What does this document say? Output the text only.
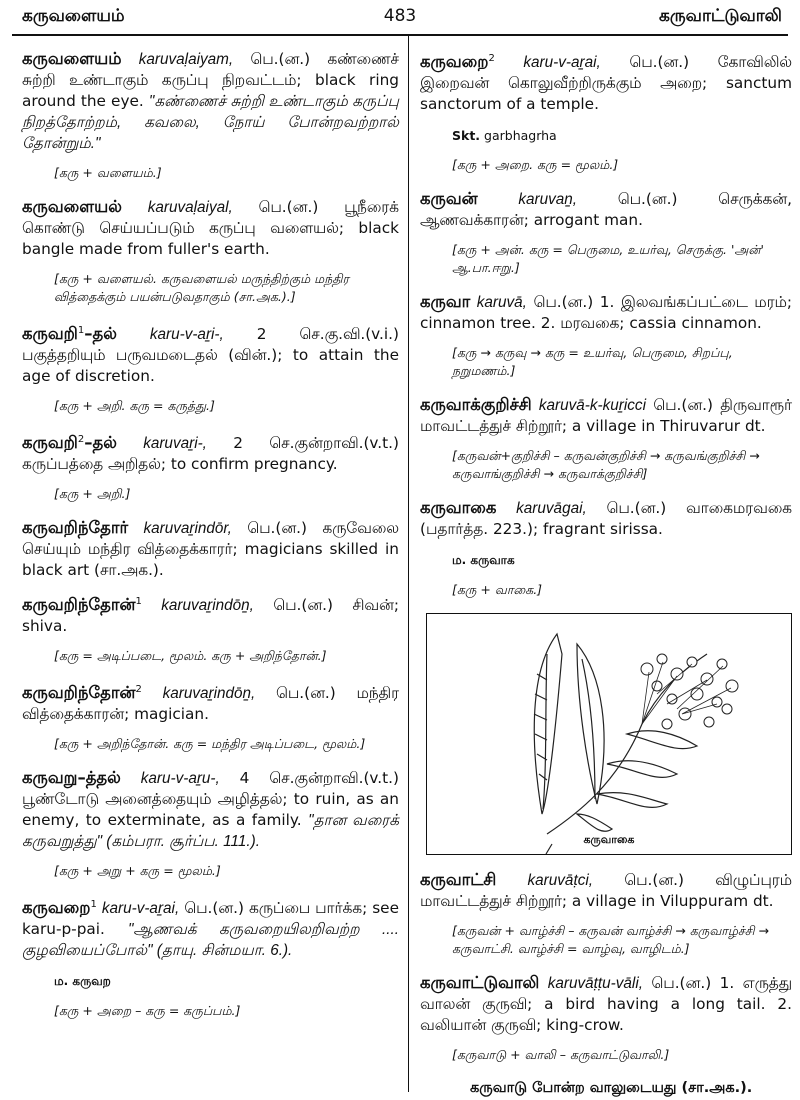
கருவளையம்	483	கருவாட்டுவாலி
கருவளையம் karuvaḷaiyam, பெ.(ன.) கண்ணைச் சுற்றி உண்டாகும் கருப்பு நிறவட்டம்; black ring around the eye. "கண்ணைச் சுற்றி உண்டாகும் கருப்பு நிறத்தோற்றம், கவலை, நோய் போன்றவற்றால் தோன்றும்."
[கரு + வளையம்.]
கருவளையல் karuvaḷaiyal, பெ.(ன.) பூநீரைக் கொண்டு செய்யப்படும் கருப்பு வளையல்; black bangle made from fuller's earth.
[கரு + வளையல். கருவளையல் மருந்திற்கும் மந்திர வித்தைக்கும் பயன்படுவதாகும் (சா.அக.).]
கருவறி$^1$–தல் karu-v-aṟi-, 2 செ.கு.வி.(v.i.) பகுத்தறியும் பருவமடைதல் (வின்.); to attain the age of discretion.
[கரு + அறி. கரு = கருத்து.]
கருவறி$^2$–தல் karuvaṟi-, 2 செ.குன்றாவி.(v.t.) கருப்பத்தை அறிதல்; to confirm pregnancy.
[கரு + அறி.]
கருவறிந்தோர் karuvaṟindōr, பெ.(ன.) கருவேலை செய்யும் மந்திர வித்தைக்காரர்; magicians skilled in black art (சா.அக.).
கருவறிந்தோன்$^1$ karuvaṟindōṉ, பெ.(ன.) சிவன்; shiva.
[கரு = அடிப்படை, மூலம். கரு + அறிந்தோன்.]
கருவறிந்தோன்$^2$ karuvaṟindōṉ, பெ.(ன.) மந்திர வித்தைக்காரன்; magician.
[கரு + அறிந்தோன். கரு = மந்திர அடிப்படை, மூலம்.]
கருவறு–த்தல் karu-v-aṟu-, 4 செ.குன்றாவி.(v.t.) பூண்டோடு அனைத்தையும் அழித்தல்; to ruin, as an enemy, to exterminate, as a family. "தான வரைக் கருவறுத்து" (கம்பரா. சூர்ப்ப. 111.).
[கரு + அறு + கரு = மூலம்.]
கருவறை$^1$ karu-v-aṟai, பெ.(ன.) கருப்பை பார்க்க; see karu-p-pai. "ஆணவக் கருவறையிலறிவற்ற .... குழவியைப்போல்" (தாயு. சின்மயா. 6.).
ம. கருவற
[கரு + அறை – கரு = கருப்பம்.]
கருவறை$^2$ karu-v-aṟai, பெ.(ன.) கோவிலில் இறைவன் கொலுவீற்றிருக்கும் அறை; sanctum sanctorum of a temple.
Skt. garbhagrha
[கரு + அறை. கரு = மூலம்.]
கருவன்	karuvaṉ,	பெ.(ன.)	செருக்கன், ஆணவக்காரன்; arrogant man.
[கரு + அன். கரு = பெருமை, உயர்வு, செருக்கு. 'அன்' ஆ.பா.ஈறு.]
கருவா karuvā, பெ.(ன.) 1. இலவங்கப்பட்டை மரம்; cinnamon tree. 2. மரவகை; cassia cinnamon.
[கரு → கருவு → கரு = உயர்வு, பெருமை, சிறப்பு, நறுமணம்.]
கருவாக்குறிச்சி karuvā-k-kuṟicci பெ.(ன.) திருவாரூர் மாவட்டத்துச் சிற்றூர்; a village in Thiruvarur dt.
[கருவன்+குறிச்சி – கருவன்குறிச்சி → கருவங்குறிச்சி → கருவாங்குறிச்சி → கருவாக்குறிச்சி]
கருவாகை karuvāgai, பெ.(ன.) வாகைமரவகை (பதார்த்த. 223.); fragrant sirissa.
ம. கருவாக
[கரு + வாகை.]
கருவாகை
கருவாட்சி karuvāṭci, பெ.(ன.) விழுப்புரம் மாவட்டத்துச் சிற்றூர்; a village in Viluppuram dt.
[கருவன் + வாழ்ச்சி – கருவன் வாழ்ச்சி → கருவாழ்ச்சி → கருவாட்சி. வாழ்ச்சி = வாழ்வு, வாழிடம்.]
கருவாட்டுவாலி karuvāṭṭu-vāli, பெ.(ன.) 1. எருத்து வாலன் குருவி; a bird having a long tail. 2. வலியான் குருவி; king-crow.
[கருவாடு + வாலி – கருவாட்டுவாலி.]
கருவாடு போன்ற வாலுடையது (சா.அக.).
